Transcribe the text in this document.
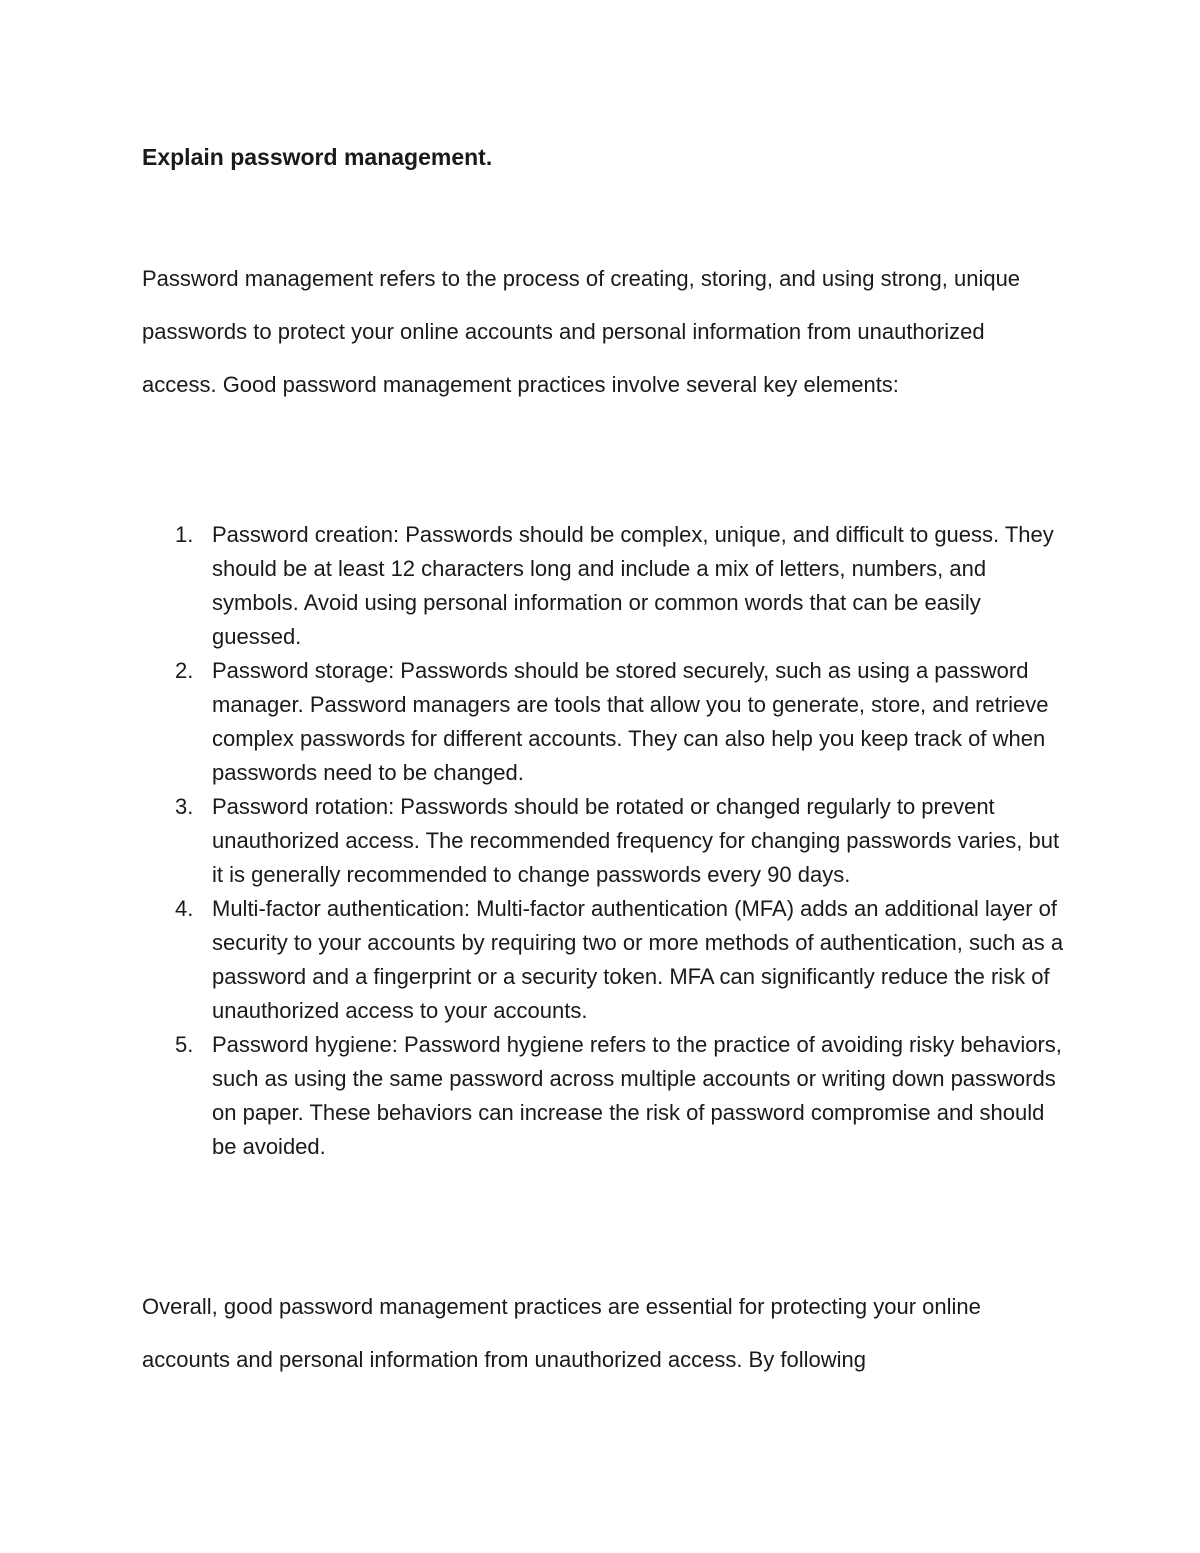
Explain password management.

Password management refers to the process of creating, storing, and using strong, unique passwords to protect your online accounts and personal information from unauthorized access. Good password management practices involve several key elements:

1. Password creation: Passwords should be complex, unique, and difficult to guess. They should be at least 12 characters long and include a mix of letters, numbers, and symbols. Avoid using personal information or common words that can be easily guessed.
2. Password storage: Passwords should be stored securely, such as using a password manager. Password managers are tools that allow you to generate, store, and retrieve complex passwords for different accounts. They can also help you keep track of when passwords need to be changed.
3. Password rotation: Passwords should be rotated or changed regularly to prevent unauthorized access. The recommended frequency for changing passwords varies, but it is generally recommended to change passwords every 90 days.
4. Multi-factor authentication: Multi-factor authentication (MFA) adds an additional layer of security to your accounts by requiring two or more methods of authentication, such as a password and a fingerprint or a security token. MFA can significantly reduce the risk of unauthorized access to your accounts.
5. Password hygiene: Password hygiene refers to the practice of avoiding risky behaviors, such as using the same password across multiple accounts or writing down passwords on paper. These behaviors can increase the risk of password compromise and should be avoided.

Overall, good password management practices are essential for protecting your online accounts and personal information from unauthorized access. By following
